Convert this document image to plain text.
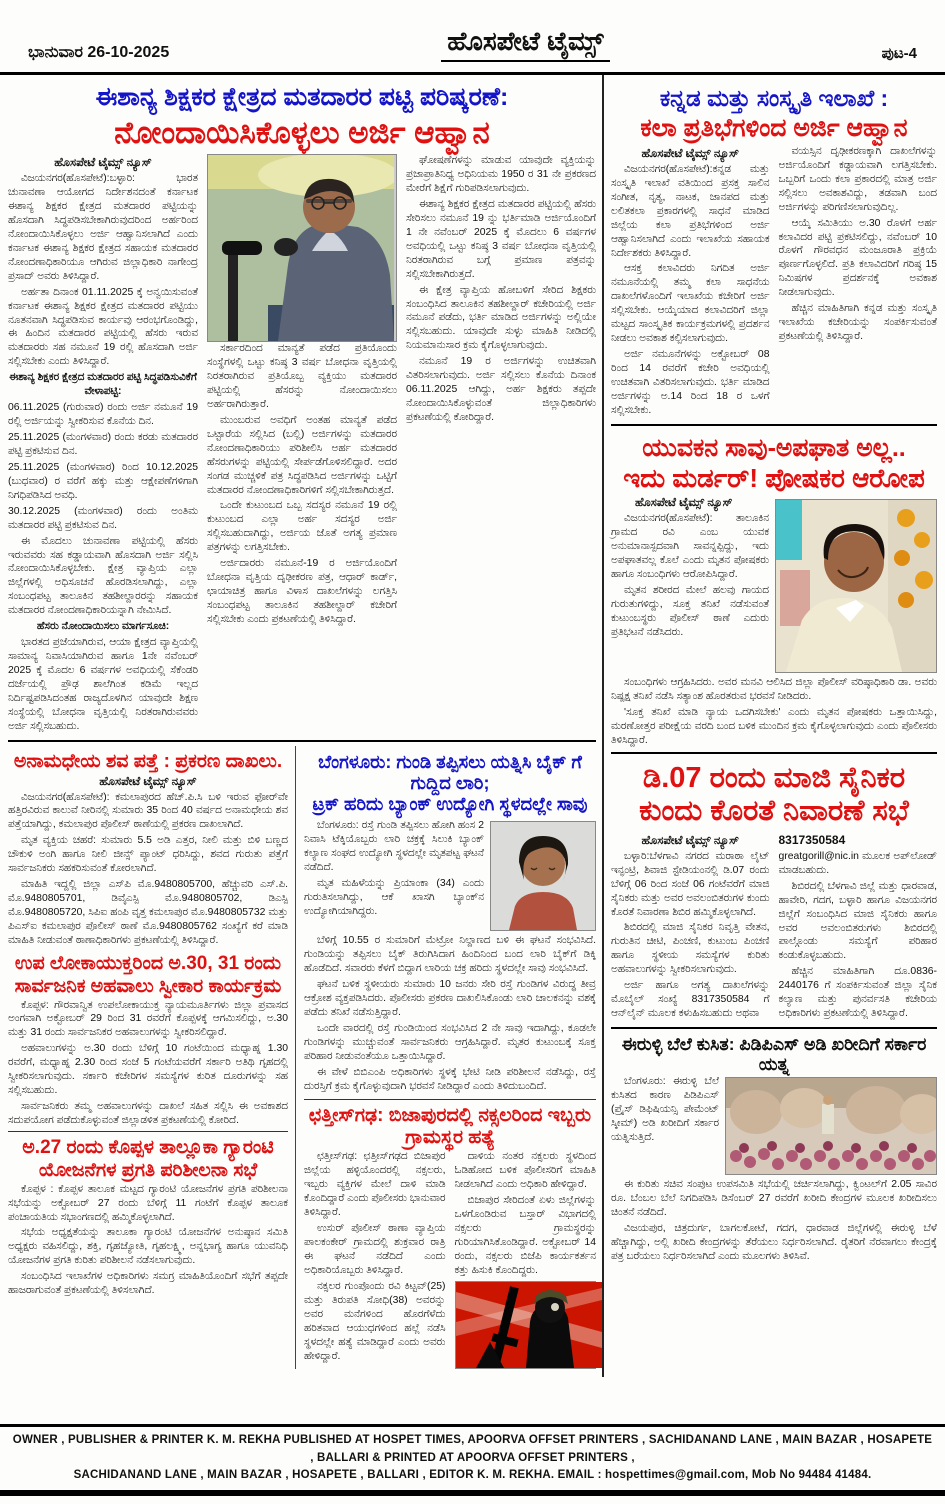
ಭಾನುವಾರ 26-10-2025	ಹೊಸಪೇಟೆ ಟೈಮ್ಸ್	ಪುಟ-4
ಈಶಾನ್ಯ ಶಿಕ್ಷಕರ ಕ್ಷೇತ್ರದ ಮತದಾರರ ಪಟ್ಟಿ ಪರಿಷ್ಕರಣೆ:
ನೋಂದಾಯಿಸಿಕೊಳ್ಳಲು ಅರ್ಜಿ ಆಹ್ವಾನ
ಹೊಸಪೇಟೆ ಟೈಮ್ಸ್ ನ್ಯೂಸ್

ವಿಜಯನಗರ(ಹೊಸಪೇಟೆ):ಬಳ್ಳಾರಿ: ಭಾರತ ಚುನಾವಣಾ ಆಯೋಗದ ನಿರ್ದೇಶನದಂತೆ ಕರ್ನಾಟಕ ಈಶಾನ್ಯ ಶಿಕ್ಷಕರ ಕ್ಷೇತ್ರದ ಮತದಾರರ ಪಟ್ಟಿಯನ್ನು ಹೊಸದಾಗಿ ಸಿದ್ಧಪಡಿಸಬೇಕಾಗಿರುವುದರಿಂದ ಅರ್ಹರಿಂದ ನೋಂದಾಯಿಸಿಕೊಳ್ಳಲು ಅರ್ಜಿ ಆಹ್ವಾನಿಸಲಾಗಿದೆ ಎಂದು ಕರ್ನಾಟಕ ಈಶಾನ್ಯ ಶಿಕ್ಷಕರ ಕ್ಷೇತ್ರದ ಸಹಾಯಕ ಮತದಾರರ ನೋಂದಣಾಧಿಕಾರಿಯೂ ಆಗಿರುವ ಜಿಲ್ಲಾಧಿಕಾರಿ ನಾಗೇಂದ್ರ ಪ್ರಸಾದ್ ಅವರು ತಿಳಿಸಿದ್ದಾರೆ.

ಅರ್ಹತಾ ದಿನಾಂಕ 01.11.2025 ಕ್ಕೆ ಅನ್ವಯಿಸುವಂತೆ ಕರ್ನಾಟಕ ಈಶಾನ್ಯ ಶಿಕ್ಷಕರ ಕ್ಷೇತ್ರದ ಮತದಾರರ ಪಟ್ಟಿಯು ನೂತನವಾಗಿ ಸಿದ್ಧಪಡಿಸುವ ಕಾರ್ಯವು ಆರಂಭಗೊಂಡಿದ್ದು, ಈ ಹಿಂದಿನ ಮತದಾರರ ಪಟ್ಟಿಯಲ್ಲಿ ಹೆಸರು ಇರುವ ಮತದಾರರು ಸಹ ನಮೂನೆ 19 ರಲ್ಲಿ ಹೊಸದಾಗಿ ಅರ್ಜಿ ಸಲ್ಲಿಸಬೇಕು ಎಂದು ತಿಳಿಸಿದ್ದಾರೆ.

ಈಶಾನ್ಯ ಶಿಕ್ಷಕರ ಕ್ಷೇತ್ರದ ಮತದಾರರ ಪಟ್ಟಿ ಸಿದ್ಧಪಡಿಸುವಿಕೆಗೆ ವೇಳಾಪಟ್ಟಿ:

06.11.2025 (ಗುರುವಾರ) ರಂದು ಅರ್ಜಿ ನಮೂನೆ 19 ರಲ್ಲಿ ಅರ್ಜಿಯನ್ನು ಸ್ವೀಕರಿಸುವ ಕೊನೆಯ ದಿನ.

25.11.2025 (ಮಂಗಳವಾರ) ರಂದು ಕರಡು ಮತದಾರರ ಪಟ್ಟಿ ಪ್ರಕಟಿಸುವ ದಿನ.

25.11.2025 (ಮಂಗಳವಾರ) ರಿಂದ 10.12.2025 (ಬುಧವಾರ) ರ ವರೆಗೆ ಹಕ್ಕು ಮತ್ತು ಆಕ್ಷೇಪಣೆಗಳಿಗಾಗಿ ನಿಗಧಿಪಡಿಸಿದ ಅವಧಿ.

30.12.2025 (ಮಂಗಳವಾರ) ರಂದು ಅಂತಿಮ ಮತದಾರರ ಪಟ್ಟಿ ಪ್ರಕಟಿಸುವ ದಿನ.

ಈ ಮೊದಲು ಚುನಾವಣಾ ಪಟ್ಟಿಯಲ್ಲಿ ಹೆಸರು ಇರುವವರು ಸಹ ಕಡ್ಡಾಯವಾಗಿ ಹೊಸದಾಗಿ ಅರ್ಜಿ ಸಲ್ಲಿಸಿ ನೋಂದಾಯಿಸಿಕೊಳ್ಳಬೇಕು. ಕ್ಷೇತ್ರ ವ್ಯಾಪ್ತಿಯ ಎಲ್ಲಾ ಜಿಲ್ಲೆಗಳಲ್ಲಿ ಅಧಿಸೂಚನೆ ಹೊರಡಿಸಲಾಗಿದ್ದು, ಎಲ್ಲಾ ಸಂಬಂಧಪಟ್ಟ ತಾಲೂಕಿನ ತಹಶೀಲ್ದಾರರನ್ನು ಸಹಾಯಕ ಮತದಾರರ ನೋಂದಣಾಧಿಕಾರಿಯನ್ನಾಗಿ ನೇಮಿಸಿದೆ.

ಹೆಸರು ನೋಂದಾಯಿಸಲು ಮಾರ್ಗಸೂಚಿ:

ಭಾರತದ ಪ್ರಜೆಯಾಗಿರುವ, ಆಯಾ ಕ್ಷೇತ್ರದ ವ್ಯಾಪ್ತಿಯಲ್ಲಿ ಸಾಮಾನ್ಯ ನಿವಾಸಿಯಾಗಿರುವ ಹಾಗೂ 1ನೇ ನವೆಂಬರ್ 2025 ಕ್ಕೆ ಮೊದಲ 6 ವರ್ಷಗಳ ಅವಧಿಯಲ್ಲಿ ಸೆಕೆಂಡರಿ ದರ್ಜೆಯಲ್ಲಿ ಪ್ರೌಢ ಶಾಲೆಗಿಂತ ಕಡಿಮೆ ಇಲ್ಲದ ನಿರ್ದಿಷ್ಟಪಡಿಸಿದಂತಹ ರಾಜ್ಯದೊಳಗಿನ ಯಾವುದೇ ಶಿಕ್ಷಣ ಸಂಸ್ಥೆಯಲ್ಲಿ ಬೋಧನಾ ವೃತ್ತಿಯಲ್ಲಿ ನಿರತರಾಗಿರುವವರು ಅರ್ಜಿ ಸಲ್ಲಿಸಬಹುದು.

ಸರ್ಕಾರದಿಂದ ಮಾನ್ಯತೆ ಪಡೆದ ಪ್ರತಿಯೊಂದು ಸಂಸ್ಥೆಗಳಲ್ಲಿ ಒಟ್ಟು ಕನಿಷ್ಠ 3 ವರ್ಷ ಬೋಧನಾ ವೃತ್ತಿಯಲ್ಲಿ ನಿರತರಾಗಿರುವ ಪ್ರತಿಯೊಬ್ಬ ವ್ಯಕ್ತಿಯು ಮತದಾರರ ಪಟ್ಟಿಯಲ್ಲಿ ಹೆಸರನ್ನು ನೋಂದಾಯಿಸಲು ಅರ್ಹರಾಗಿರುತ್ತಾರೆ.

ಮುಂಬರುವ ಅವಧಿಗೆ ಅಂತಹ ಮಾನ್ಯತೆ ಪಡೆದ ಒಟ್ಟಾರೆಯ ಸಲ್ಲಿಸಿದ (ಬಲ್ಲಿ) ಅರ್ಜಿಗಳನ್ನು ಮತದಾರರ ನೋಂದಣಾಧಿಕಾರಿಯು ಪರಿಶೀಲಿಸಿ ಅರ್ಹ ಮತದಾರರ ಹೆಸರುಗಳನ್ನು ಪಟ್ಟಿಯಲ್ಲಿ ಸೇರ್ಪಡೆಗೊಳಿಸಲಿದ್ದಾರೆ. ಅದರ ಸಂಗಡ ಮುಚ್ಚಳಿಕೆ ಪತ್ರ ಸಿದ್ಧಪಡಿಸಿದ ಅರ್ಜಿಗಳನ್ನು ಒಟ್ಟಿಗೆ ಮತದಾರರ ನೋಂದಣಾಧಿಕಾರಿಗಳಿಗೆ ಸಲ್ಲಿಸಬೇಕಾಗಿರುತ್ತದೆ.

ಒಂದೇ ಕುಟುಂಬದ ಒಬ್ಬ ಸದಸ್ಯರ ನಮೂನೆ 19 ರಲ್ಲಿ ಕುಟುಂಬದ ಎಲ್ಲಾ ಅರ್ಹ ಸದಸ್ಯರ ಅರ್ಜಿ ಸಲ್ಲಿಸಬಹುದಾಗಿದ್ದು, ಅರ್ಜಿಯ ಜೊತೆ ಅಗತ್ಯ ಪ್ರಮಾಣ ಪತ್ರಗಳನ್ನು ಲಗತ್ತಿಸಬೇಕು.

ಅರ್ಜಿದಾರರು ನಮೂನೆ-19 ರ ಅರ್ಜಿಯೊಂದಿಗೆ ಬೋಧನಾ ವೃತ್ತಿಯ ದೃಢೀಕರಣ ಪತ್ರ, ಆಧಾರ್ ಕಾರ್ಡ್, ಛಾಯಾಚಿತ್ರ ಹಾಗೂ ವಿಳಾಸ ದಾಖಲೆಗಳನ್ನು ಲಗತ್ತಿಸಿ ಸಂಬಂಧಪಟ್ಟ ತಾಲೂಕಿನ ತಹಶೀಲ್ದಾರ್ ಕಚೇರಿಗೆ ಸಲ್ಲಿಸಬೇಕು ಎಂದು ಪ್ರಕಟಣೆಯಲ್ಲಿ ತಿಳಿಸಿದ್ದಾರೆ.

ಘೋಷಣೆಗಳನ್ನು ಮಾಡುವ ಯಾವುದೇ ವ್ಯಕ್ತಿಯನ್ನು ಪ್ರಜಾಪ್ರಾತಿನಿಧ್ಯ ಅಧಿನಿಯಮ 1950 ರ 31 ನೇ ಪ್ರಕರಣದ ಮೇರೆಗೆ ಶಿಕ್ಷೆಗೆ ಗುರಿಪಡಿಸಲಾಗುವುದು.

ಈಶಾನ್ಯ ಶಿಕ್ಷಕರ ಕ್ಷೇತ್ರದ ಮತದಾರರ ಪಟ್ಟಿಯಲ್ಲಿ ಹೆಸರು ಸೇರಿಸಲು ನಮೂನೆ 19 ನ್ನು ಭರ್ತಿಮಾಡಿ ಅರ್ಜಿಯೊಂದಿಗೆ 1 ನೇ ನವೆಂಬರ್ 2025 ಕ್ಕೆ ಮೊದಲು 6 ವರ್ಷಗಳ ಅವಧಿಯಲ್ಲಿ ಒಟ್ಟು ಕನಿಷ್ಠ 3 ವರ್ಷ ಬೋಧನಾ ವೃತ್ತಿಯಲ್ಲಿ ನಿರತರಾಗಿರುವ ಬಗ್ಗೆ ಪ್ರಮಾಣ ಪತ್ರವನ್ನು ಸಲ್ಲಿಸಬೇಕಾಗಿರುತ್ತದೆ.

ಈ ಕ್ಷೇತ್ರ ವ್ಯಾಪ್ತಿಯ ಹೋಬಳಿಗೆ ಸೇರಿದ ಶಿಕ್ಷಕರು ಸಂಬಂಧಿಸಿದ ತಾಲೂಕಿನ ತಹಶೀಲ್ದಾರ್ ಕಚೇರಿಯಲ್ಲಿ ಅರ್ಜಿ ನಮೂನೆ ಪಡೆದು, ಭರ್ತಿ ಮಾಡಿದ ಅರ್ಜಿಗಳನ್ನು ಅಲ್ಲಿಯೇ ಸಲ್ಲಿಸಬಹುದು. ಯಾವುದೇ ಸುಳ್ಳು ಮಾಹಿತಿ ನೀಡಿದಲ್ಲಿ ನಿಯಮಾನುಸಾರ ಕ್ರಮ ಕೈಗೊಳ್ಳಲಾಗುವುದು.

ನಮೂನೆ 19 ರ ಅರ್ಜಿಗಳನ್ನು ಉಚಿತವಾಗಿ ವಿತರಿಸಲಾಗುವುದು. ಅರ್ಜಿ ಸಲ್ಲಿಸಲು ಕೊನೆಯ ದಿನಾಂಕ 06.11.2025 ಆಗಿದ್ದು, ಅರ್ಹ ಶಿಕ್ಷಕರು ತಪ್ಪದೇ ನೋಂದಾಯಿಸಿಕೊಳ್ಳುವಂತೆ ಜಿಲ್ಲಾಧಿಕಾರಿಗಳು ಪ್ರಕಟಣೆಯಲ್ಲಿ ಕೋರಿದ್ದಾರೆ.

ಅನಾಮಧೇಯ ಶವ ಪತ್ತೆ : ಪ್ರಕರಣ ದಾಖಲು.
ಹೊಸಪೇಟೆ ಟೈಮ್ಸ್ ನ್ಯೂಸ್

ವಿಜಯನಗರ(ಹೊಸಪೇಟೆ): ಕಮಲಾಪುರದ ಹೆಚ್.ಪಿ.ಸಿ ಬಳಿ ಇರುವ ಫೋರ್‌ವೇ ಹತ್ತಿರವಿರುವ ಕಾಲುವೆ ನೀರಿನಲ್ಲಿ ಸುಮಾರು 35 ರಿಂದ 40 ವರ್ಷದ ಅನಾಮಧೇಯ ಶವ ಪತ್ತೆಯಾಗಿದ್ದು, ಕಮಲಾಪುರ ಪೊಲೀಸ್ ಠಾಣೆಯಲ್ಲಿ ಪ್ರಕರಣ ದಾಖಲಾಗಿದೆ.

ಮೃತ ವ್ಯಕ್ತಿಯ ಚಹರೆ: ಸುಮಾರು 5.5 ಅಡಿ ಎತ್ತರ, ನೀಲಿ ಮತ್ತು ಬಿಳಿ ಬಣ್ಣದ ಚೌಕುಳಿ ಅಂಗಿ ಹಾಗೂ ನೀಲಿ ಜೀನ್ಸ್ ಪ್ಯಾಂಟ್ ಧರಿಸಿದ್ದು, ಶವದ ಗುರುತು ಪತ್ತೆಗೆ ಸಾರ್ವಜನಿಕರು ಸಹಕರಿಸುವಂತೆ ಕೋರಲಾಗಿದೆ.

ಮಾಹಿತಿ ಇದ್ದಲ್ಲಿ ಜಿಲ್ಲಾ ಎಸ್‌ಪಿ ಮೊ.9480805700, ಹೆಚ್ಚುವರಿ ಎಸ್.ಪಿ. ಮೊ.9480805701, ಡಿವೈಎಸ್ಪಿ ಮೊ.9480805702, ಡಿಎಸ್ಪಿ ಮೊ.9480805720, ಸಿಪಿಐ ಹಂಪಿ ವೃತ್ತ ಕಮಲಾಪುರ ಮೊ.9480805732 ಮತ್ತು ಪಿಎಸ್ಐ ಕಮಲಾಪುರ ಪೊಲೀಸ್ ಠಾಣೆ ಮೊ.9480805762 ಸಂಖ್ಯೆಗೆ ಕರೆ ಮಾಡಿ ಮಾಹಿತಿ ನೀಡುವಂತೆ ಠಾಣಾಧಿಕಾರಿಗಳು ಪ್ರಕಟಣೆಯಲ್ಲಿ ತಿಳಿಸಿದ್ದಾರೆ.

ಉಪ ಲೋಕಾಯುಕ್ತರಿಂದ ಅ.30, 31 ರಂದು
ಸಾರ್ವಜನಿಕ ಅಹವಾಲು ಸ್ವೀಕಾರ ಕಾರ್ಯಕ್ರಮ

ಕೊಪ್ಪಳ: ಗೌರವಾನ್ವಿತ ಉಪಲೋಕಾಯುಕ್ತ ನ್ಯಾಯಮೂರ್ತಿಗಳು ಜಿಲ್ಲಾ ಪ್ರವಾಸದ ಅಂಗವಾಗಿ ಅಕ್ಟೋಬರ್ 29 ರಿಂದ 31 ರವರೆಗೆ ಕೊಪ್ಪಳಕ್ಕೆ ಆಗಮಿಸಲಿದ್ದು, ಅ.30 ಮತ್ತು 31 ರಂದು ಸಾರ್ವಜನಿಕರ ಅಹವಾಲುಗಳನ್ನು ಸ್ವೀಕರಿಸಲಿದ್ದಾರೆ.

ಅಹವಾಲುಗಳನ್ನು ಅ.30 ರಂದು ಬೆಳಿಗ್ಗೆ 10 ಗಂಟೆಯಿಂದ ಮಧ್ಯಾಹ್ನ 1.30 ರವರೆಗೆ, ಮಧ್ಯಾಹ್ನ 2.30 ರಿಂದ ಸಂಜೆ 5 ಗಂಟೆಯವರೆಗೆ ಸರ್ಕಾರಿ ಅತಿಥಿ ಗೃಹದಲ್ಲಿ ಸ್ವೀಕರಿಸಲಾಗುವುದು. ಸರ್ಕಾರಿ ಕಚೇರಿಗಳ ಸಮಸ್ಯೆಗಳ ಕುರಿತ ದೂರುಗಳನ್ನು ಸಹ ಸಲ್ಲಿಸಬಹುದು.

ಸಾರ್ವಜನಿಕರು ತಮ್ಮ ಅಹವಾಲುಗಳನ್ನು ದಾಖಲೆ ಸಹಿತ ಸಲ್ಲಿಸಿ ಈ ಅವಕಾಶದ ಸದುಪಯೋಗ ಪಡೆದುಕೊಳ್ಳುವಂತೆ ಜಿಲ್ಲಾಡಳಿತ ಪ್ರಕಟಣೆಯಲ್ಲಿ ಕೋರಿದೆ.

ಅ.27 ರಂದು ಕೊಪ್ಪಳ ತಾಲ್ಲೂಕಾ ಗ್ಯಾರಂಟಿ
ಯೋಜನೆಗಳ ಪ್ರಗತಿ ಪರಿಶೀಲನಾ ಸಭೆ

ಕೊಪ್ಪಳ : ಕೊಪ್ಪಳ ತಾಲೂಕ ಮಟ್ಟದ ಗ್ಯಾರಂಟಿ ಯೋಜನೆಗಳ ಪ್ರಗತಿ ಪರಿಶೀಲನಾ ಸಭೆಯನ್ನು ಅಕ್ಟೋಬರ್ 27 ರಂದು ಬೆಳಿಗ್ಗೆ 11 ಗಂಟೆಗೆ ಕೊಪ್ಪಳ ತಾಲೂಕ ಪಂಚಾಯತಿಯ ಸಭಾಂಗಣದಲ್ಲಿ ಹಮ್ಮಿಕೊಳ್ಳಲಾಗಿದೆ.

ಸಭೆಯ ಅಧ್ಯಕ್ಷತೆಯನ್ನು ತಾಲೂಕಾ ಗ್ಯಾರಂಟಿ ಯೋಜನೆಗಳ ಅನುಷ್ಠಾನ ಸಮಿತಿ ಅಧ್ಯಕ್ಷರು ವಹಿಸಲಿದ್ದು, ಶಕ್ತಿ, ಗೃಹಜ್ಯೋತಿ, ಗೃಹಲಕ್ಷ್ಮಿ, ಅನ್ನಭಾಗ್ಯ ಹಾಗೂ ಯುವನಿಧಿ ಯೋಜನೆಗಳ ಪ್ರಗತಿ ಕುರಿತು ಪರಿಶೀಲನೆ ನಡೆಸಲಾಗುವುದು.

ಸಂಬಂಧಿಸಿದ ಇಲಾಖೆಗಳ ಅಧಿಕಾರಿಗಳು ಸಮಗ್ರ ಮಾಹಿತಿಯೊಂದಿಗೆ ಸಭೆಗೆ ತಪ್ಪದೇ ಹಾಜರಾಗುವಂತೆ ಪ್ರಕಟಣೆಯಲ್ಲಿ ತಿಳಿಸಲಾಗಿದೆ.

ಬೆಂಗಳೂರು: ಗುಂಡಿ ತಪ್ಪಿಸಲು ಯತ್ನಿಸಿ ಬೈಕ್ ಗೆ ಗುದ್ದಿದ ಲಾರಿ;
ಟ್ರಕ್ ಹರಿದು ಬ್ಯಾಂಕ್ ಉದ್ಯೋಗಿ ಸ್ಥಳದಲ್ಲೇ ಸಾವು

ಬೆಂಗಳೂರು: ರಸ್ತೆ ಗುಂಡಿ ತಪ್ಪಿಸಲು ಹೋಗಿ ಹಂಸ 2 ನಿವಾಸಿ ಟೆಕ್ಕಿಯೊಬ್ಬರು ಲಾರಿ ಚಕ್ರಕ್ಕೆ ಸಿಲುಕಿ ಬ್ಯಾಂಕ್ ಕಲ್ಯಾಣ ಸಂಘದ ಉದ್ಯೋಗಿ ಸ್ಥಳದಲ್ಲೇ ಮೃತಪಟ್ಟ ಘಟನೆ ನಡೆದಿದೆ.

ಮೃತ ಮಹಿಳೆಯನ್ನು ಪ್ರಿಯಾಂಕಾ (34) ಎಂದು ಗುರುತಿಸಲಾಗಿದ್ದು, ಆಕೆ ಖಾಸಗಿ ಬ್ಯಾಂಕ್‌ನ ಉದ್ಯೋಗಿಯಾಗಿದ್ದರು.

ಬೆಳಿಗ್ಗೆ 10.55 ರ ಸುಮಾರಿಗೆ ಮೆಟ್ರೋ ನಿಲ್ದಾಣದ ಬಳಿ ಈ ಘಟನೆ ಸಂಭವಿಸಿದೆ. ಗುಂಡಿಯನ್ನು ತಪ್ಪಿಸಲು ಬೈಕ್ ತಿರುಗಿಸಿದಾಗ ಹಿಂದಿನಿಂದ ಬಂದ ಲಾರಿ ಬೈಕ್‌ಗೆ ಡಿಕ್ಕಿ ಹೊಡೆದಿದೆ. ಸವಾರರು ಕೆಳಗೆ ಬಿದ್ದಾಗ ಲಾರಿಯ ಚಕ್ರ ಹರಿದು ಸ್ಥಳದಲ್ಲೇ ಸಾವು ಸಂಭವಿಸಿದೆ.

ಘಟನೆ ಬಳಿಕ ಸ್ಥಳೀಯರು ಸುಮಾರು 10 ಜನರು ಸೇರಿ ರಸ್ತೆ ಗುಂಡಿಗಳ ವಿರುದ್ಧ ತೀವ್ರ ಆಕ್ರೋಶ ವ್ಯಕ್ತಪಡಿಸಿದರು. ಪೊಲೀಸರು ಪ್ರಕರಣ ದಾಖಲಿಸಿಕೊಂಡು ಲಾರಿ ಚಾಲಕನನ್ನು ವಶಕ್ಕೆ ಪಡೆದು ತನಿಖೆ ನಡೆಸುತ್ತಿದ್ದಾರೆ.

ಒಂದೇ ವಾರದಲ್ಲಿ ರಸ್ತೆ ಗುಂಡಿಯಿಂದ ಸಂಭವಿಸಿದ 2 ನೇ ಸಾವು ಇದಾಗಿದ್ದು, ಕೂಡಲೇ ಗುಂಡಿಗಳನ್ನು ಮುಚ್ಚುವಂತೆ ಸಾರ್ವಜನಿಕರು ಆಗ್ರಹಿಸಿದ್ದಾರೆ. ಮೃತರ ಕುಟುಂಬಕ್ಕೆ ಸೂಕ್ತ ಪರಿಹಾರ ನೀಡುವಂತೆಯೂ ಒತ್ತಾಯಿಸಿದ್ದಾರೆ.

ಈ ವೇಳೆ ಬಿಬಿಎಂಪಿ ಅಧಿಕಾರಿಗಳು ಸ್ಥಳಕ್ಕೆ ಭೇಟಿ ನೀಡಿ ಪರಿಶೀಲನೆ ನಡೆಸಿದ್ದು, ರಸ್ತೆ ದುರಸ್ತಿಗೆ ಕ್ರಮ ಕೈಗೊಳ್ಳುವುದಾಗಿ ಭರವಸೆ ನೀಡಿದ್ದಾರೆ ಎಂದು ತಿಳಿದುಬಂದಿದೆ.

ಛತ್ತೀಸ್‌ಗಢ: ಬಿಜಾಪುರದಲ್ಲಿ ನಕ್ಸಲರಿಂದ ಇಬ್ಬರು ಗ್ರಾಮಸ್ಥರ ಹತ್ಯೆ

ಛತ್ತೀಸ್‌ಗಢ: ಛತ್ತೀಸ್‌ಗಢದ ಬಿಜಾಪುರ ಜಿಲ್ಲೆಯ ಹಳ್ಳಿಯೊಂದರಲ್ಲಿ ನಕ್ಸಲರು, ಇಬ್ಬರು ವ್ಯಕ್ತಿಗಳ ಮೇಲೆ ದಾಳಿ ಮಾಡಿ ಕೊಂದಿದ್ದಾರೆ ಎಂದು ಪೊಲೀಸರು ಭಾನುವಾರ ತಿಳಿಸಿದ್ದಾರೆ.

ಉಸುರ್ ಪೊಲೀಸ್ ಠಾಣಾ ವ್ಯಾಪ್ತಿಯ ಪಾಲಕಂಕೇರ್ ಗ್ರಾಮದಲ್ಲಿ ಶುಕ್ರವಾರ ರಾತ್ರಿ ಈ ಘಟನೆ ನಡೆದಿದೆ ಎಂದು ಅಧಿಕಾರಿಯೊಬ್ಬರು ತಿಳಿಸಿದ್ದಾರೆ.

ನಕ್ಸಲರ ಗುಂಪೊಂದು ರವಿ ಕಿಟ್ಟವ್(25) ಮತ್ತು ತಿರುಪತಿ ಸೋಧಿ(38) ಅವರನ್ನು ಅವರ ಮನೆಗಳಿಂದ ಹೊರಗೆಳೆದು ಹರಿತವಾದ ಆಯುಧಗಳಿಂದ ಹಲ್ಲೆ ನಡೆಸಿ ಸ್ಥಳದಲ್ಲೇ ಹತ್ಯೆ ಮಾಡಿದ್ದಾರೆ ಎಂದು ಅವರು ಹೇಳಿದ್ದಾರೆ.

ದಾಳಿಯ ನಂತರ ನಕ್ಸಲರು ಸ್ಥಳದಿಂದ ಓಡಿಹೋದ ಬಳಿಕ ಪೊಲೀಸರಿಗೆ ಮಾಹಿತಿ ನೀಡಲಾಗಿದೆ ಎಂದು ಅಧಿಕಾರಿ ಹೇಳಿದ್ದಾರೆ.

ಬಿಜಾಪುರ ಸೇರಿದಂತೆ ಏಳು ಜಿಲ್ಲೆಗಳನ್ನು ಒಳಗೊಂಡಿರುವ ಬಸ್ತಾರ್ ವಿಭಾಗದಲ್ಲಿ ನಕ್ಸಲರು ಗ್ರಾಮಸ್ಥರನ್ನು ಗುರಿಯಾಗಿಸಿಕೊಂಡಿದ್ದಾರೆ. ಅಕ್ಟೋಬರ್ 14 ರಂದು, ನಕ್ಸಲರು ಬಿಜೆಪಿ ಕಾರ್ಯಕರ್ತನ ಕತ್ತು ಹಿಸುಕಿ ಕೊಂದಿದ್ದರು.

ಕನ್ನಡ ಮತ್ತು ಸಂಸ್ಕೃತಿ ಇಲಾಖೆ :
ಕಲಾ ಪ್ರತಿಭೆಗಳಿಂದ ಅರ್ಜಿ ಆಹ್ವಾನ
ಹೊಸಪೇಟೆ ಟೈಮ್ಸ್ ನ್ಯೂಸ್

ವಿಜಯನಗರ(ಹೊಸಪೇಟೆ):ಕನ್ನಡ ಮತ್ತು ಸಂಸ್ಕೃತಿ ಇಲಾಖೆ ವತಿಯಿಂದ ಪ್ರಸಕ್ತ ಸಾಲಿನ ಸಂಗೀತ, ನೃತ್ಯ, ನಾಟಕ, ಜಾನಪದ ಮತ್ತು ಲಲಿತಕಲಾ ಪ್ರಕಾರಗಳಲ್ಲಿ ಸಾಧನೆ ಮಾಡಿದ ಜಿಲ್ಲೆಯ ಕಲಾ ಪ್ರತಿಭೆಗಳಿಂದ ಅರ್ಜಿ ಆಹ್ವಾನಿಸಲಾಗಿದೆ ಎಂದು ಇಲಾಖೆಯ ಸಹಾಯಕ ನಿರ್ದೇಶಕರು ತಿಳಿಸಿದ್ದಾರೆ.

ಆಸಕ್ತ ಕಲಾವಿದರು ನಿಗದಿತ ಅರ್ಜಿ ನಮೂನೆಯಲ್ಲಿ ತಮ್ಮ ಕಲಾ ಸಾಧನೆಯ ದಾಖಲೆಗಳೊಂದಿಗೆ ಇಲಾಖೆಯ ಕಚೇರಿಗೆ ಅರ್ಜಿ ಸಲ್ಲಿಸಬೇಕು. ಆಯ್ಕೆಯಾದ ಕಲಾವಿದರಿಗೆ ಜಿಲ್ಲಾ ಮಟ್ಟದ ಸಾಂಸ್ಕೃತಿಕ ಕಾರ್ಯಕ್ರಮಗಳಲ್ಲಿ ಪ್ರದರ್ಶನ ನೀಡಲು ಅವಕಾಶ ಕಲ್ಪಿಸಲಾಗುವುದು.

ಅರ್ಜಿ ನಮೂನೆಗಳನ್ನು ಅಕ್ಟೋಬರ್ 08 ರಿಂದ 14 ರವರೆಗೆ ಕಚೇರಿ ಅವಧಿಯಲ್ಲಿ ಉಚಿತವಾಗಿ ವಿತರಿಸಲಾಗುವುದು. ಭರ್ತಿ ಮಾಡಿದ ಅರ್ಜಿಗಳನ್ನು ಅ.14 ರಿಂದ 18 ರ ಒಳಗೆ ಸಲ್ಲಿಸಬೇಕು.

ವಯಸ್ಸಿನ ದೃಢೀಕರಣಕ್ಕಾಗಿ ದಾಖಲೆಗಳನ್ನು ಅರ್ಜಿಯೊಂದಿಗೆ ಕಡ್ಡಾಯವಾಗಿ ಲಗತ್ತಿಸಬೇಕು. ಒಬ್ಬರಿಗೆ ಒಂದು ಕಲಾ ಪ್ರಕಾರದಲ್ಲಿ ಮಾತ್ರ ಅರ್ಜಿ ಸಲ್ಲಿಸಲು ಅವಕಾಶವಿದ್ದು, ತಡವಾಗಿ ಬಂದ ಅರ್ಜಿಗಳನ್ನು ಪರಿಗಣಿಸಲಾಗುವುದಿಲ್ಲ.

ಆಯ್ಕೆ ಸಮಿತಿಯು ಅ.30 ರೊಳಗೆ ಅರ್ಹ ಕಲಾವಿದರ ಪಟ್ಟಿ ಪ್ರಕಟಿಸಲಿದ್ದು, ನವೆಂಬರ್ 10 ರೊಳಗೆ ಗೌರವಧನ ಮಂಜೂರಾತಿ ಪ್ರಕ್ರಿಯೆ ಪೂರ್ಣಗೊಳ್ಳಲಿದೆ. ಪ್ರತಿ ಕಲಾವಿದರಿಗೆ ಗರಿಷ್ಠ 15 ನಿಮಿಷಗಳ ಪ್ರದರ್ಶನಕ್ಕೆ ಅವಕಾಶ ನೀಡಲಾಗುವುದು.

ಹೆಚ್ಚಿನ ಮಾಹಿತಿಗಾಗಿ ಕನ್ನಡ ಮತ್ತು ಸಂಸ್ಕೃತಿ ಇಲಾಖೆಯ ಕಚೇರಿಯನ್ನು ಸಂಪರ್ಕಿಸುವಂತೆ ಪ್ರಕಟಣೆಯಲ್ಲಿ ತಿಳಿಸಿದ್ದಾರೆ.

ಯುವಕನ ಸಾವು-ಅಪಘಾತ ಅಲ್ಲ..
ಇದು ಮರ್ಡರ್! ಪೋಷಕರ ಆರೋಪ
ಹೊಸಪೇಟೆ ಟೈಮ್ಸ್ ನ್ಯೂಸ್

ವಿಜಯನಗರ(ಹೊಸಪೇಟೆ): ತಾಲೂಕಿನ ಗ್ರಾಮದ ರವಿ ಎಂಬ ಯುವಕ ಅನುಮಾನಾಸ್ಪದವಾಗಿ ಸಾವನ್ನಪ್ಪಿದ್ದು, ಇದು ಅಪಘಾತವಲ್ಲ ಕೊಲೆ ಎಂದು ಮೃತನ ಪೋಷಕರು ಹಾಗೂ ಸಂಬಂಧಿಗಳು ಆರೋಪಿಸಿದ್ದಾರೆ.

ಮೃತನ ಶರೀರದ ಮೇಲೆ ಹಲವು ಗಾಯದ ಗುರುತುಗಳಿದ್ದು, ಸೂಕ್ತ ತನಿಖೆ ನಡೆಸುವಂತೆ ಕುಟುಂಬಸ್ಥರು ಪೊಲೀಸ್ ಠಾಣೆ ಎದುರು ಪ್ರತಿಭಟನೆ ನಡೆಸಿದರು.

ಸಂಬಂಧಿಗಳು ಆಗ್ರಹಿಸಿದರು. ಅವರ ಮನವಿ ಆಲಿಸಿದ ಜಿಲ್ಲಾ ಪೊಲೀಸ್ ವರಿಷ್ಠಾಧಿಕಾರಿ ಡಾ. ಅವರು ನಿಷ್ಪಕ್ಷ ತನಿಖೆ ನಡೆಸಿ ಸತ್ಯಾಂಶ ಹೊರತರುವ ಭರವಸೆ ನೀಡಿದರು.

'ಸೂಕ್ತ ತನಿಖೆ ಮಾಡಿ ನ್ಯಾಯ ಒದಗಿಸಬೇಕು' ಎಂದು ಮೃತನ ಪೋಷಕರು ಒತ್ತಾಯಿಸಿದ್ದು, ಮರಣೋತ್ತರ ಪರೀಕ್ಷೆಯ ವರದಿ ಬಂದ ಬಳಿಕ ಮುಂದಿನ ಕ್ರಮ ಕೈಗೊಳ್ಳಲಾಗುವುದು ಎಂದು ಪೊಲೀಸರು ತಿಳಿಸಿದ್ದಾರೆ.

ಡಿ.07 ರಂದು ಮಾಜಿ ಸೈನಿಕರ
ಕುಂದು ಕೊರತೆ ನಿವಾರಣೆ ಸಭೆ
ಹೊಸಪೇಟೆ ಟೈಮ್ಸ್ ನ್ಯೂಸ್

ಬಳ್ಳಾರಿ:ಬೆಳಗಾವಿ ನಗರದ ಮರಾಠಾ ಲೈಟ್ ಇನ್ಫಂಟ್ರಿ, ಶಿವಾಜಿ ಸ್ಟೇಡಿಯಂನಲ್ಲಿ ಡಿ.07 ರಂದು ಬೆಳಿಗ್ಗೆ 06 ರಿಂದ ಸಂಜೆ 06 ಗಂಟೆವರೆಗೆ ಮಾಜಿ ಸೈನಿಕರು ಮತ್ತು ಅವರ ಅವಲಂಬಿತರುಗಳ ಕುಂದು ಕೊರತೆ ನಿವಾರಣಾ ಶಿಬಿರ ಹಮ್ಮಿಕೊಳ್ಳಲಾಗಿದೆ.

ಶಿಬಿರದಲ್ಲಿ ಮಾಜಿ ಸೈನಿಕರ ನಿವೃತ್ತಿ ವೇತನ, ಗುರುತಿನ ಚೀಟಿ, ಪಿಂಚಣಿ, ಕುಟುಂಬ ಪಿಂಚಣಿ ಹಾಗೂ ಸ್ಥಳೀಯ ಸಮಸ್ಯೆಗಳ ಕುರಿತು ಅಹವಾಲುಗಳನ್ನು ಸ್ವೀಕರಿಸಲಾಗುವುದು.

ಅರ್ಜಿ ಹಾಗೂ ಅಗತ್ಯ ದಾಖಲೆಗಳನ್ನು ಮೊಬೈಲ್ ಸಂಖ್ಯೆ 8317350584 ಗೆ ಆನ್‌ಲೈನ್ ಮೂಲಕ ಕಳುಹಿಸಬಹುದು ಅಥವಾ

8317350584

greatgorill@nic.in ಮೂಲಕ ಅಪ್‌ಲೋಡ್ ಮಾಡಬಹುದು.

ಶಿಬಿರದಲ್ಲಿ ಬೆಳಗಾವಿ ಜಿಲ್ಲೆ ಮತ್ತು ಧಾರವಾಡ, ಹಾವೇರಿ, ಗದಗ, ಬಳ್ಳಾರಿ ಹಾಗೂ ವಿಜಯನಗರ ಜಿಲ್ಲೆಗೆ ಸಂಬಂಧಿಸಿದ ಮಾಜಿ ಸೈನಿಕರು ಹಾಗೂ ಅವರ ಅವಲಂಬಿತರುಗಳು ಶಿಬಿರದಲ್ಲಿ ಪಾಲ್ಗೊಂಡು ಸಮಸ್ಯೆಗೆ ಪರಿಹಾರ ಕಂಡುಕೊಳ್ಳಬಹುದು.

ಹೆಚ್ಚಿನ ಮಾಹಿತಿಗಾಗಿ ದೂ.0836-2440176 ಗೆ ಸಂಪರ್ಕಿಸುವಂತೆ ಜಿಲ್ಲಾ ಸೈನಿಕ ಕಲ್ಯಾಣ ಮತ್ತು ಪುನರ್ವಸತಿ ಕಚೇರಿಯ ಅಧಿಕಾರಿಗಳು ಪ್ರಕಟಣೆಯಲ್ಲಿ ತಿಳಿಸಿದ್ದಾರೆ.

ಈರುಳ್ಳಿ ಬೆಲೆ ಕುಸಿತ: ಪಿಡಿಪಿಎಸ್ ಅಡಿ ಖರೀದಿಗೆ ಸರ್ಕಾರ ಯತ್ನ

ಬೆಂಗಳೂರು: ಈರುಳ್ಳಿ ಬೆಲೆ ಕುಸಿತದ ಕಾರಣ ಪಿಡಿಪಿಎಸ್ (ಪ್ರೈಸ್ ಡಿಫಿಷಿಯನ್ಸಿ ಪೇಮೆಂಟ್ ಸ್ಕೀಮ್) ಅಡಿ ಖರೀದಿಗೆ ಸರ್ಕಾರ ಯತ್ನಿಸುತ್ತಿದೆ.

ಈ ಕುರಿತು ಸಚಿವ ಸಂಪುಟ ಉಪಸಮಿತಿ ಸಭೆಯಲ್ಲಿ ಚರ್ಚಿಸಲಾಗಿದ್ದು, ಕ್ವಿಂಟಲ್‌ಗೆ 2.05 ಸಾವಿರ ರೂ. ಬೆಂಬಲ ಬೆಲೆ ನಿಗದಿಪಡಿಸಿ ಡಿಸೆಂಬರ್ 27 ರವರೆಗೆ ಖರೀದಿ ಕೇಂದ್ರಗಳ ಮೂಲಕ ಖರೀದಿಸಲು ಚಿಂತನೆ ನಡೆದಿದೆ.

ವಿಜಯಪುರ, ಚಿತ್ರದುರ್ಗ, ಬಾಗಲಕೋಟೆ, ಗದಗ, ಧಾರವಾಡ ಜಿಲ್ಲೆಗಳಲ್ಲಿ ಈರುಳ್ಳಿ ಬೆಳೆ ಹೆಚ್ಚಾಗಿದ್ದು, ಅಲ್ಲಿ ಖರೀದಿ ಕೇಂದ್ರಗಳನ್ನು ತೆರೆಯಲು ನಿರ್ಧರಿಸಲಾಗಿದೆ. ರೈತರಿಗೆ ನೆರವಾಗಲು ಕೇಂದ್ರಕ್ಕೆ ಪತ್ರ ಬರೆಯಲು ನಿರ್ಧರಿಸಲಾಗಿದೆ ಎಂದು ಮೂಲಗಳು ತಿಳಿಸಿವೆ.

OWNER , PUBLISHER & PRINTER K. M. REKHA PUBLISHED AT HOSPET TIMES, APOORVA OFFSET PRINTERS , SACHIDANAND LANE , MAIN BAZAR , HOSAPETE , BALLARI & PRINTED AT APOORVA OFFSET PRINTERS ,
SACHIDANAND LANE , MAIN BAZAR , HOSAPETE , BALLARI , EDITOR K. M. REKHA. EMAIL : hospettimes@gmail.com, Mob No 94484 41484.
